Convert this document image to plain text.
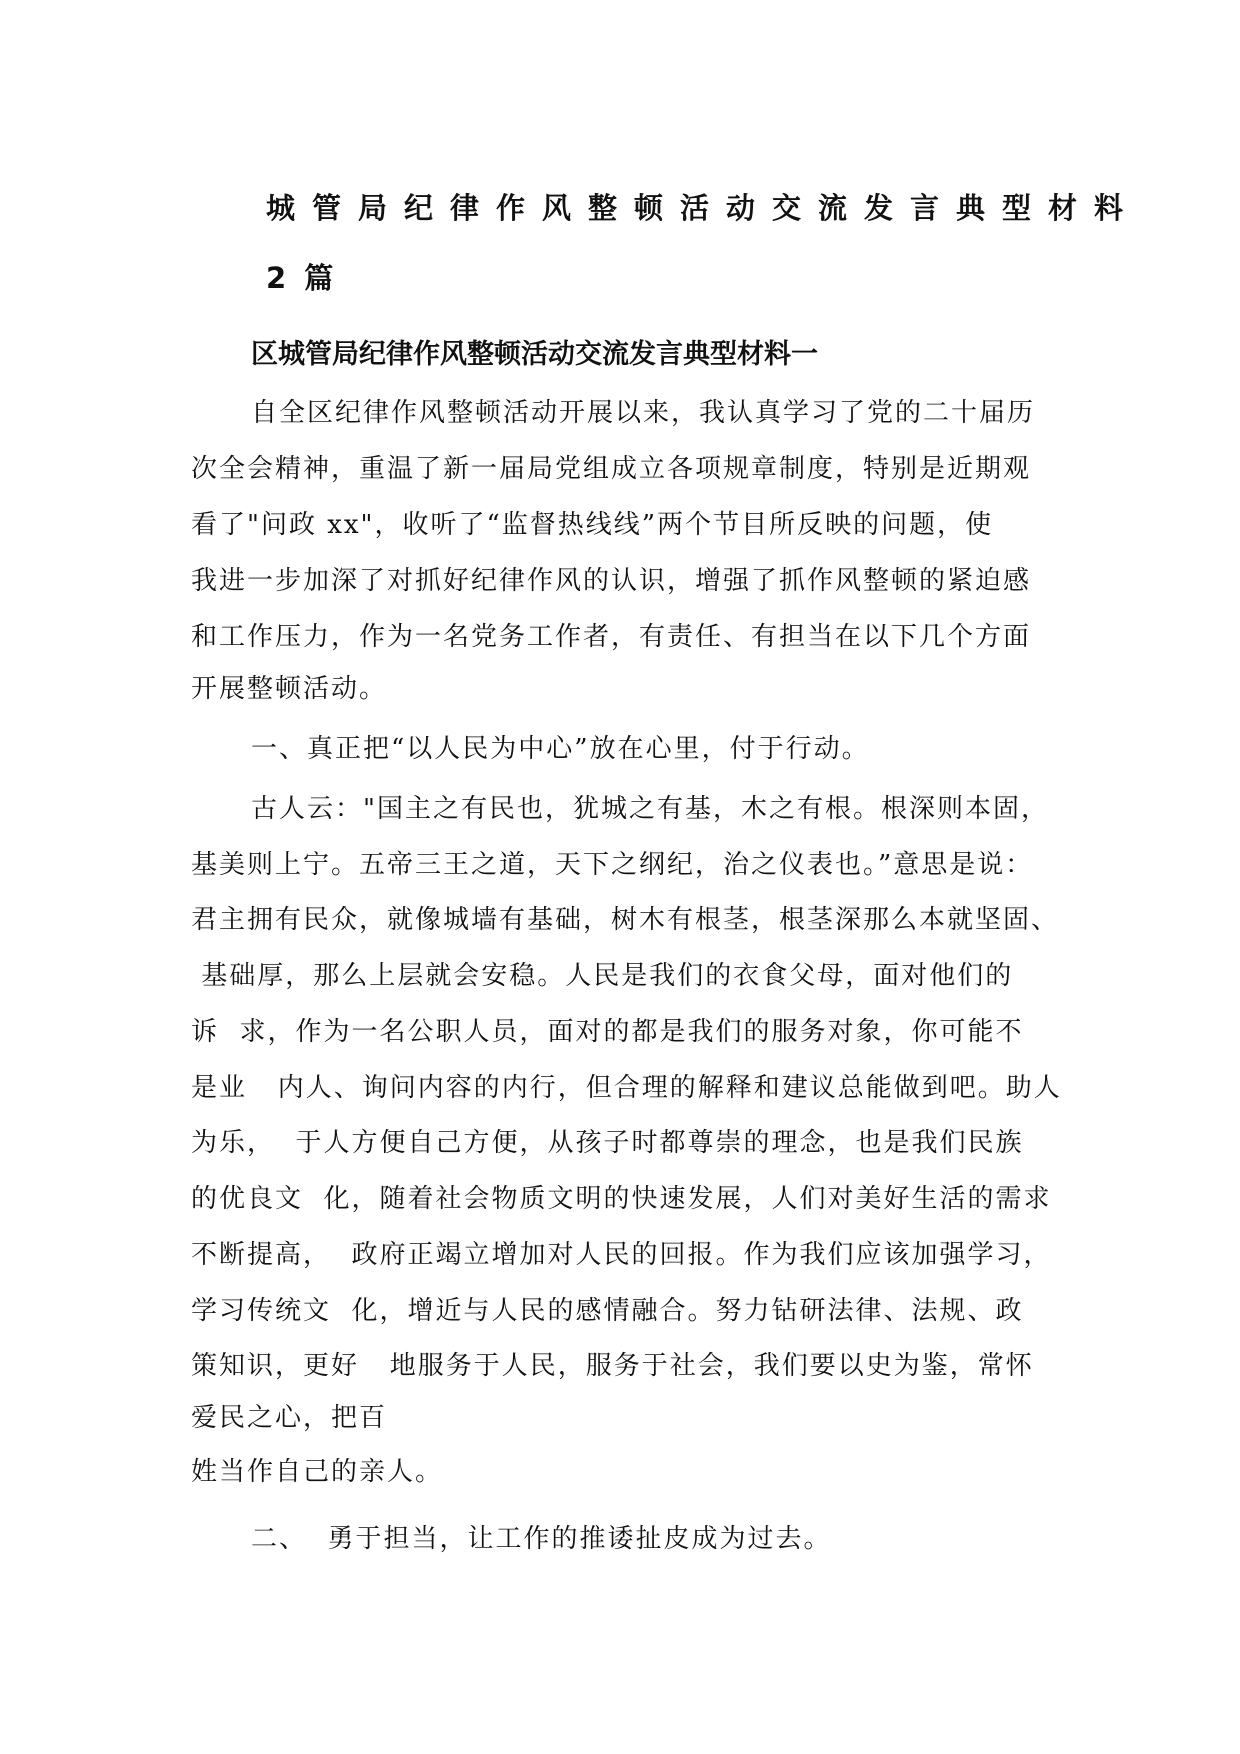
城管局纪律作风整顿活动交流发言典型材料
2 篇
区城管局纪律作风整顿活动交流发言典型材料一
自全区纪律作风整顿活动开展以来，我认真学习了党的二十届历
次全会精神，重温了新一届局党组成立各项规章制度，特别是近期观
看了"问政 xx"，收听了“监督热线线”两个节目所反映的问题，使
我进一步加深了对抓好纪律作风的认识，增强了抓作风整顿的紧迫感
和工作压力，作为一名党务工作者，有责任、有担当在以下几个方面
开展整顿活动。
一、真正把“以人民为中心”放在心里，付于行动。
古人云："国主之有民也，犹城之有基，木之有根。根深则本固，
基美则上宁。五帝三王之道，天下之纲纪，治之仪表也。”意思是说：
君主拥有民众，就像城墙有基础，树木有根茎，根茎深那么本就坚固、
基础厚，那么上层就会安稳。人民是我们的衣食父母，面对他们的
诉  求，作为一名公职人员，面对的都是我们的服务对象，你可能不
是业   内人、询问内容的内行，但合理的解释和建议总能做到吧。助人
为乐，  于人方便自己方便，从孩子时都尊崇的理念，也是我们民族
的优良文  化，随着社会物质文明的快速发展，人们对美好生活的需求
不断提高，  政府正竭立增加对人民的回报。作为我们应该加强学习，
学习传统文  化，增近与人民的感情融合。努力钻研法律、法规、政
策知识，更好   地服务于人民，服务于社会，我们要以史为鉴，常怀
爱民之心，把百
姓当作自己的亲人。
二、  勇于担当，让工作的推诿扯皮成为过去。
